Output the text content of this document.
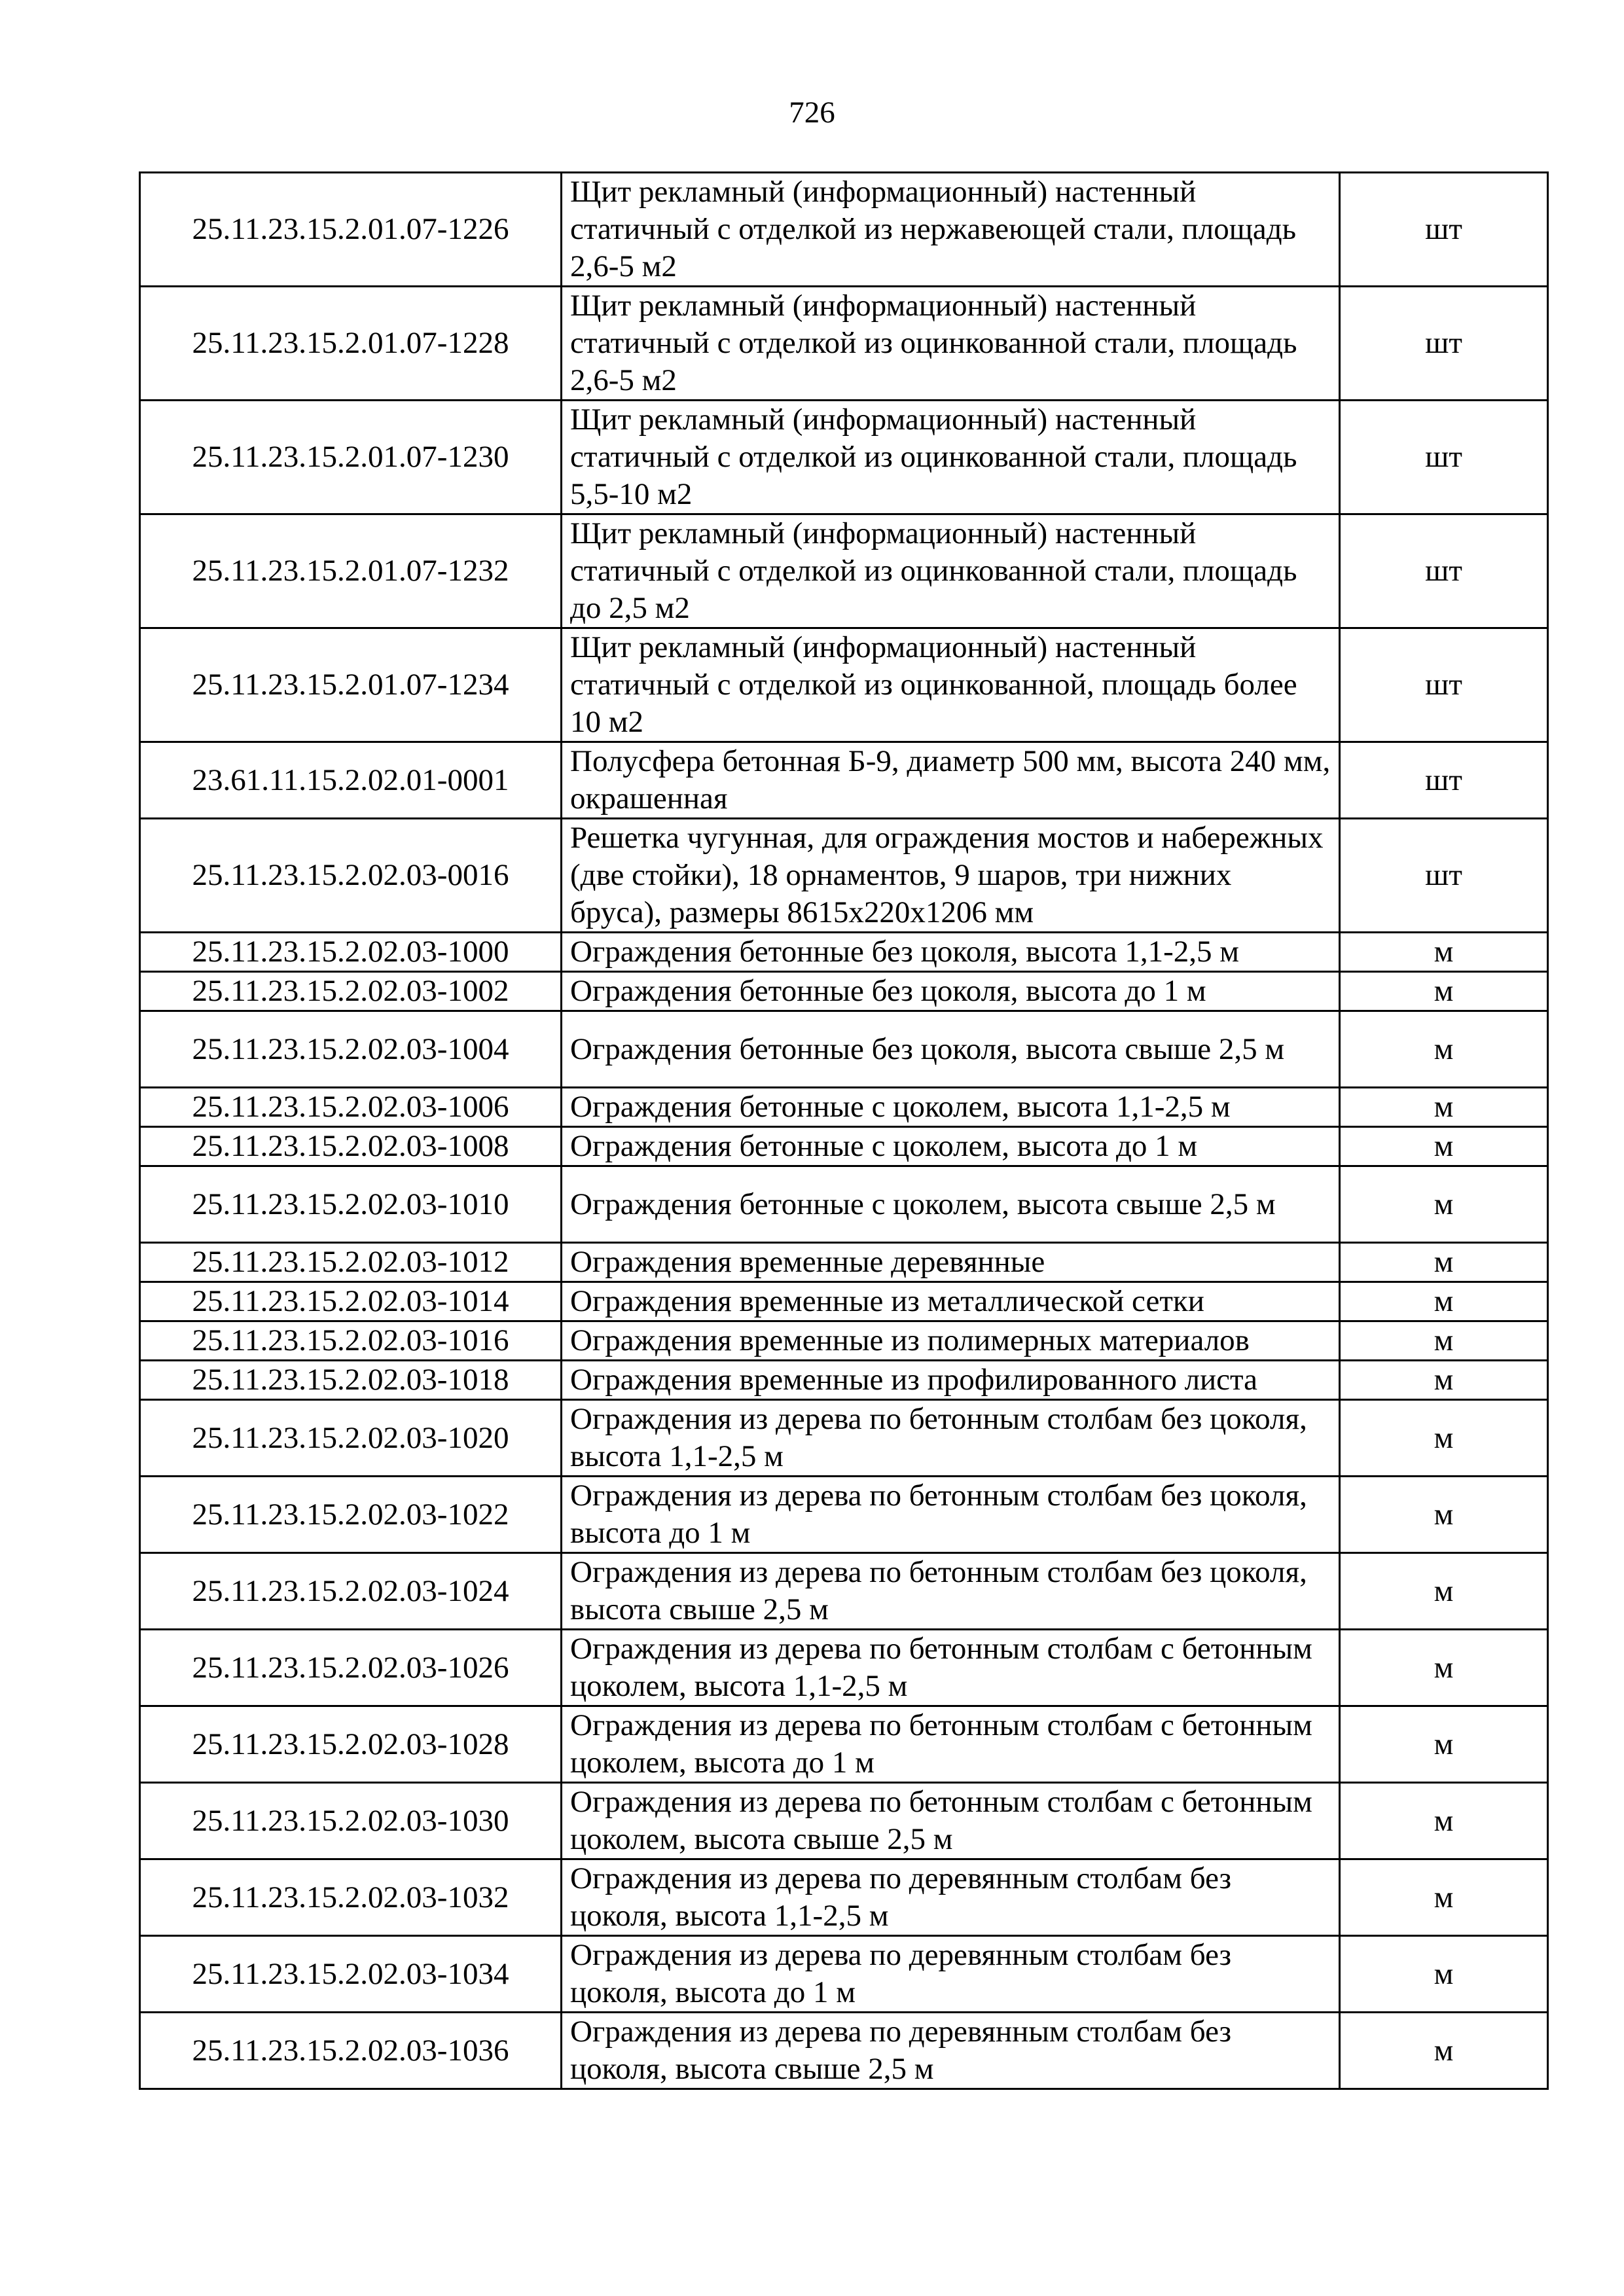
726
25.11.23.15.2.01.07-1226	Щит рекламный (информационный) настенный статичный с отделкой из нержавеющей стали, площадь 2,6-5 м2	шт
25.11.23.15.2.01.07-1228	Щит рекламный (информационный) настенный статичный с отделкой из оцинкованной стали, площадь 2,6-5 м2	шт
25.11.23.15.2.01.07-1230	Щит рекламный (информационный) настенный статичный с отделкой из оцинкованной стали, площадь 5,5-10 м2	шт
25.11.23.15.2.01.07-1232	Щит рекламный (информационный) настенный статичный с отделкой из оцинкованной стали, площадь до 2,5 м2	шт
25.11.23.15.2.01.07-1234	Щит рекламный (информационный) настенный статичный с отделкой из оцинкованной, площадь более 10 м2	шт
23.61.11.15.2.02.01-0001	Полусфера бетонная Б-9, диаметр 500 мм, высота 240 мм, окрашенная	шт
25.11.23.15.2.02.03-0016	Решетка чугунная, для ограждения мостов и набережных (две стойки), 18 орнаментов, 9 шаров, три нижних бруса), размеры 8615х220х1206 мм	шт
25.11.23.15.2.02.03-1000	Ограждения бетонные без цоколя, высота 1,1-2,5 м	м
25.11.23.15.2.02.03-1002	Ограждения бетонные без цоколя, высота до 1 м	м
25.11.23.15.2.02.03-1004	Ограждения бетонные без цоколя, высота свыше 2,5 м	м
25.11.23.15.2.02.03-1006	Ограждения бетонные с цоколем, высота 1,1-2,5 м	м
25.11.23.15.2.02.03-1008	Ограждения бетонные с цоколем, высота до 1 м	м
25.11.23.15.2.02.03-1010	Ограждения бетонные с цоколем, высота свыше 2,5 м	м
25.11.23.15.2.02.03-1012	Ограждения временные деревянные	м
25.11.23.15.2.02.03-1014	Ограждения временные из металлической сетки	м
25.11.23.15.2.02.03-1016	Ограждения временные из полимерных материалов	м
25.11.23.15.2.02.03-1018	Ограждения временные из профилированного листа	м
25.11.23.15.2.02.03-1020	Ограждения из дерева по бетонным столбам без цоколя, высота 1,1-2,5 м	м
25.11.23.15.2.02.03-1022	Ограждения из дерева по бетонным столбам без цоколя, высота до 1 м	м
25.11.23.15.2.02.03-1024	Ограждения из дерева по бетонным столбам без цоколя, высота свыше 2,5 м	м
25.11.23.15.2.02.03-1026	Ограждения из дерева по бетонным столбам с бетонным цоколем, высота 1,1-2,5 м	м
25.11.23.15.2.02.03-1028	Ограждения из дерева по бетонным столбам с бетонным цоколем, высота до 1 м	м
25.11.23.15.2.02.03-1030	Ограждения из дерева по бетонным столбам с бетонным цоколем, высота свыше 2,5 м	м
25.11.23.15.2.02.03-1032	Ограждения из дерева по деревянным столбам без цоколя, высота 1,1-2,5 м	м
25.11.23.15.2.02.03-1034	Ограждения из дерева по деревянным столбам без цоколя, высота до 1 м	м
25.11.23.15.2.02.03-1036	Ограждения из дерева по деревянным столбам без цоколя, высота свыше 2,5 м	м
